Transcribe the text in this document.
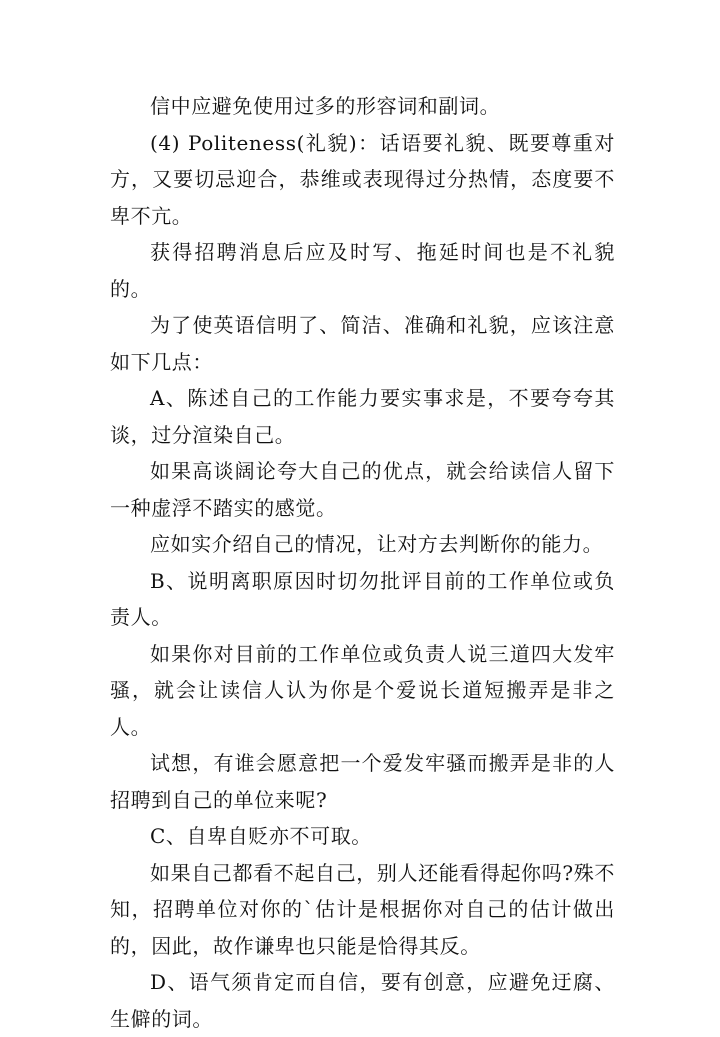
信中应避免使用过多的形容词和副词。

(4) Politeness(礼貌)：话语要礼貌、既要尊重对方，又要切忌迎合，恭维或表现得过分热情，态度要不卑不亢。

获得招聘消息后应及时写、拖延时间也是不礼貌的。

为了使英语信明了、简洁、准确和礼貌，应该注意如下几点：

A、陈述自己的工作能力要实事求是，不要夸夸其谈，过分渲染自己。

如果高谈阔论夸大自己的优点，就会给读信人留下一种虚浮不踏实的感觉。

应如实介绍自己的情况，让对方去判断你的能力。

B、说明离职原因时切勿批评目前的工作单位或负责人。

如果你对目前的工作单位或负责人说三道四大发牢骚，就会让读信人认为你是个爱说长道短搬弄是非之人。

试想，有谁会愿意把一个爱发牢骚而搬弄是非的人招聘到自己的单位来呢?

C、自卑自贬亦不可取。

如果自己都看不起自己，别人还能看得起你吗?殊不知，招聘单位对你的`估计是根据你对自己的估计做出的，因此，故作谦卑也只能是恰得其反。

D、语气须肯定而自信，要有创意，应避免迂腐、生僻的词。
